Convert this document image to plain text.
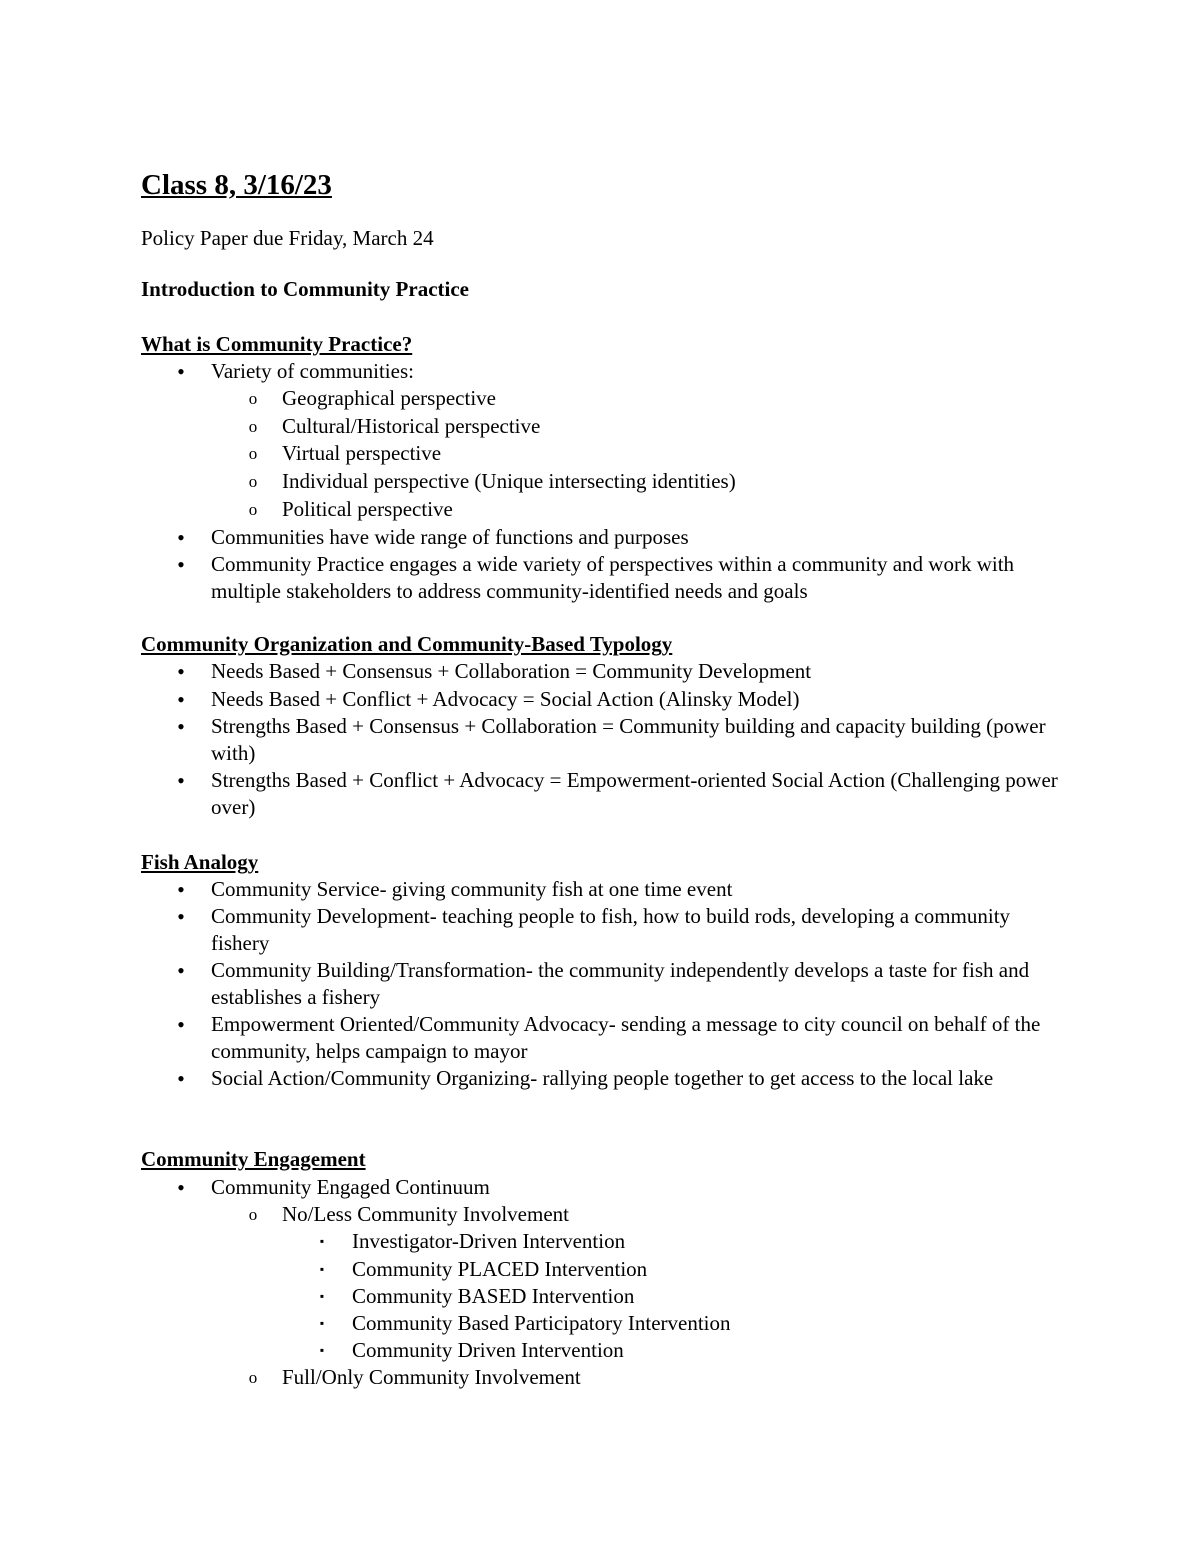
Class 8, 3/16/23

Policy Paper due Friday, March 24

Introduction to Community Practice

What is Community Practice?

• Variety of communities:

o Geographical perspective

o Cultural/Historical perspective

o Virtual perspective

o Individual perspective (Unique intersecting identities)

o Political perspective

• Communities have wide range of functions and purposes

• Community Practice engages a wide variety of perspectives within a community and work with multiple stakeholders to address community-identified needs and goals

Community Organization and Community-Based Typology

• Needs Based + Consensus + Collaboration = Community Development

• Needs Based + Conflict + Advocacy = Social Action (Alinsky Model)

• Strengths Based + Consensus + Collaboration = Community building and capacity building (power with)

• Strengths Based + Conflict + Advocacy = Empowerment-oriented Social Action (Challenging power over)

Fish Analogy

• Community Service- giving community fish at one time event

• Community Development- teaching people to fish, how to build rods, developing a community fishery

• Community Building/Transformation- the community independently develops a taste for fish and establishes a fishery

• Empowerment Oriented/Community Advocacy- sending a message to city council on behalf of the community, helps campaign to mayor

• Social Action/Community Organizing- rallying people together to get access to the local lake

Community Engagement

• Community Engaged Continuum

o No/Less Community Involvement

▪	Investigator-Driven Intervention

▪	Community PLACED Intervention

▪	Community BASED Intervention

▪	Community Based Participatory Intervention

▪	Community Driven Intervention

o Full/Only Community Involvement
